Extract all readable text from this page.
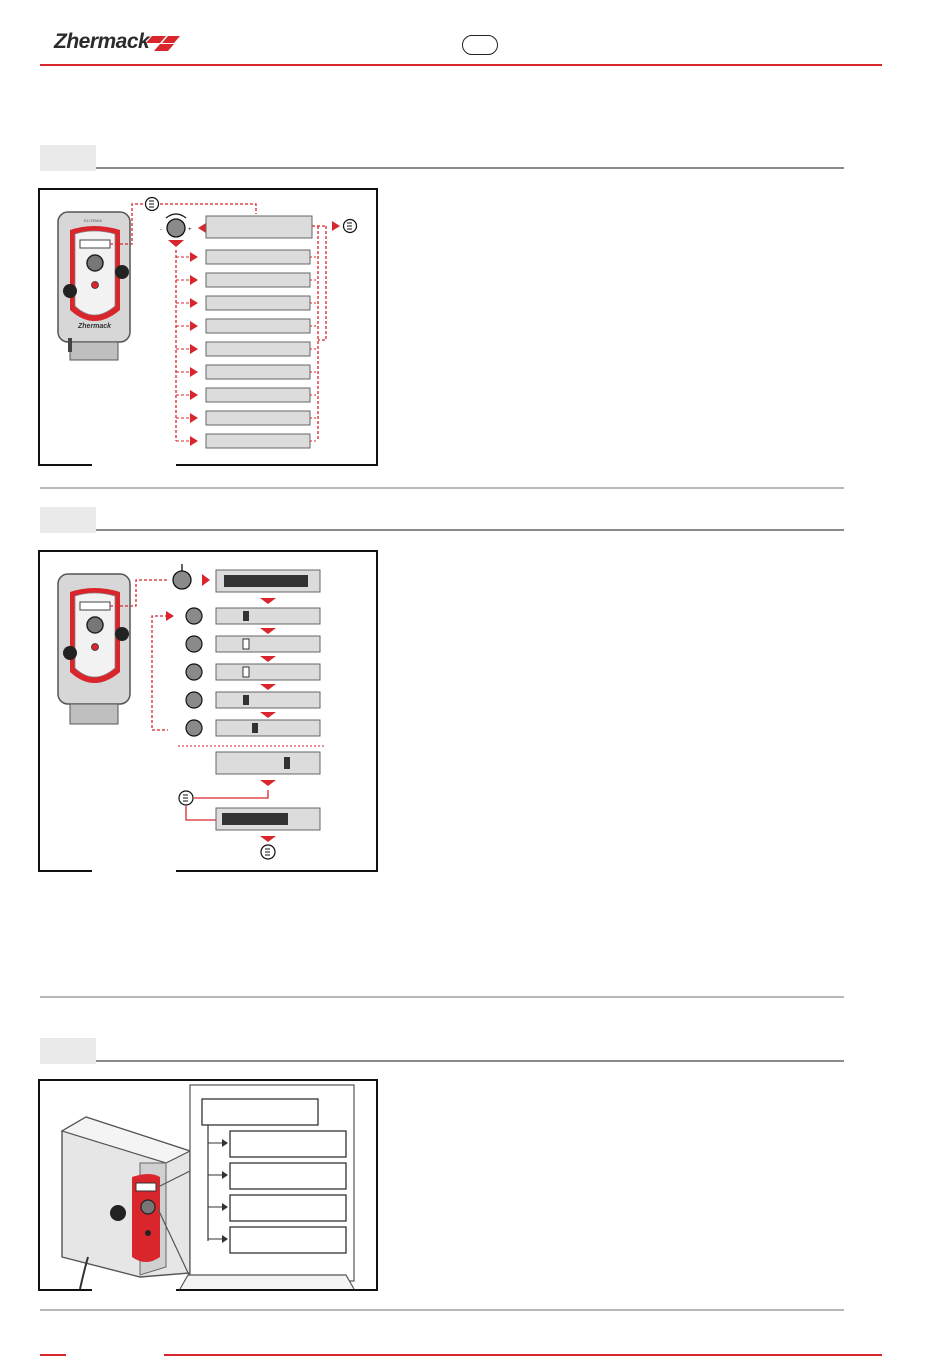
Zhermack
Zhermack
ELITEMIX
-	+
